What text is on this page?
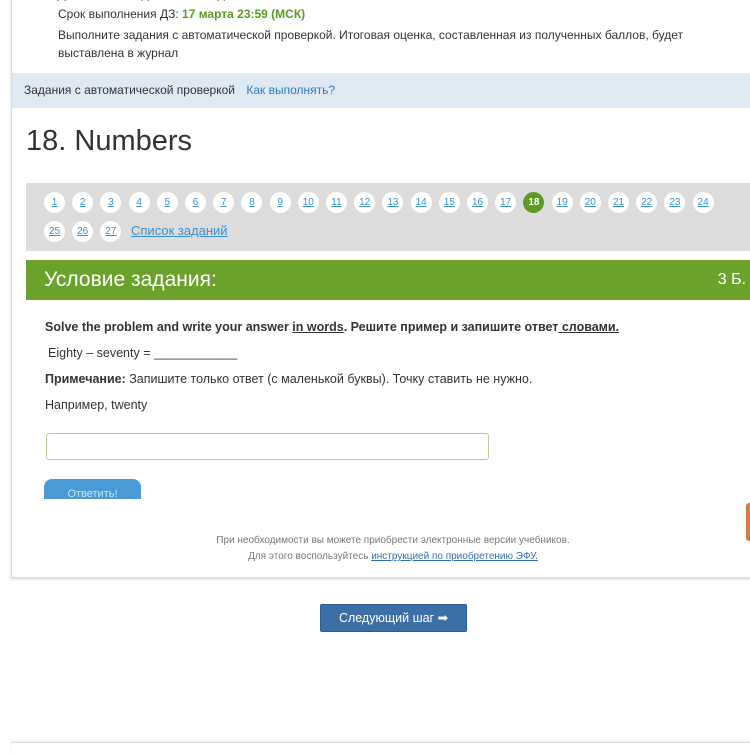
Срок выполнения ДЗ: 17 марта 23:59 (МСК)
Выполните задания с автоматической проверкой. Итоговая оценка, составленная из полученных баллов, будет выставлена в журнал
Задания с автоматической проверкой Как выполнять?
18. Numbers
1	2	3	4	5	6	7	8	9	10	11	12	13	14	15	16	17	18	19	20	21	22	23	24
25	26	27	Список заданий
Условие задания:	3 Б.
Solve the problem and write your answer in words. Решите пример и запишите ответ словами.
Eighty – seventy = ____________
Примечание: Запишите только ответ (с маленькой буквы). Точку ставить не нужно.
Например, twenty
Ответить!
При необходимости вы можете приобрести электронные версии учебников.
Для этого воспользуйтесь инструкцией по приобретению ЭФУ.
Следующий шаг ➡
